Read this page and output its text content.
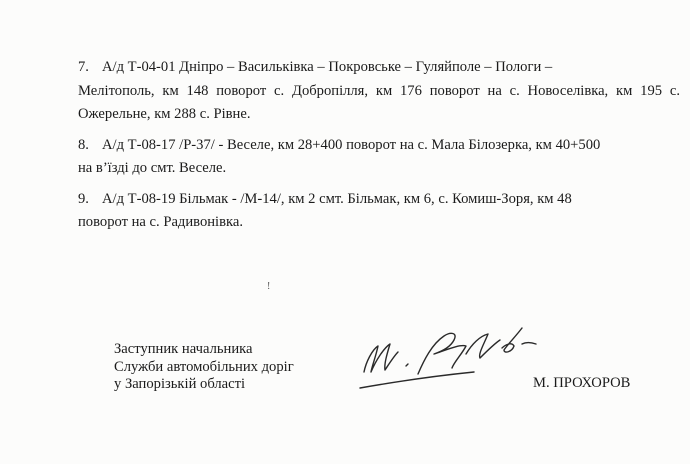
7. А/д Т-04-01 Дніпро – Васильківка – Покровське – Гуляйполе – Пологи –
Мелітополь, км 148 поворот с. Добропілля, км 176 поворот на с. Новоселівка, км 195 с. Ожерельне, км 288 с. Рівне.
8. А/д Т-08-17 /Р-37/ - Веселе, км 28+400 поворот на с. Мала Білозерка, км 40+500
на в’їзді до смт. Веселе.
9. А/д Т-08-19 Більмак - /М-14/, км 2 смт. Більмак, км 6, с. Комиш-Зоря, км 48
поворот на с. Радивонівка.
!
Заступник начальника
Служби автомобільних доріг
у Запорізькій області	М. ПРОХОРОВ
